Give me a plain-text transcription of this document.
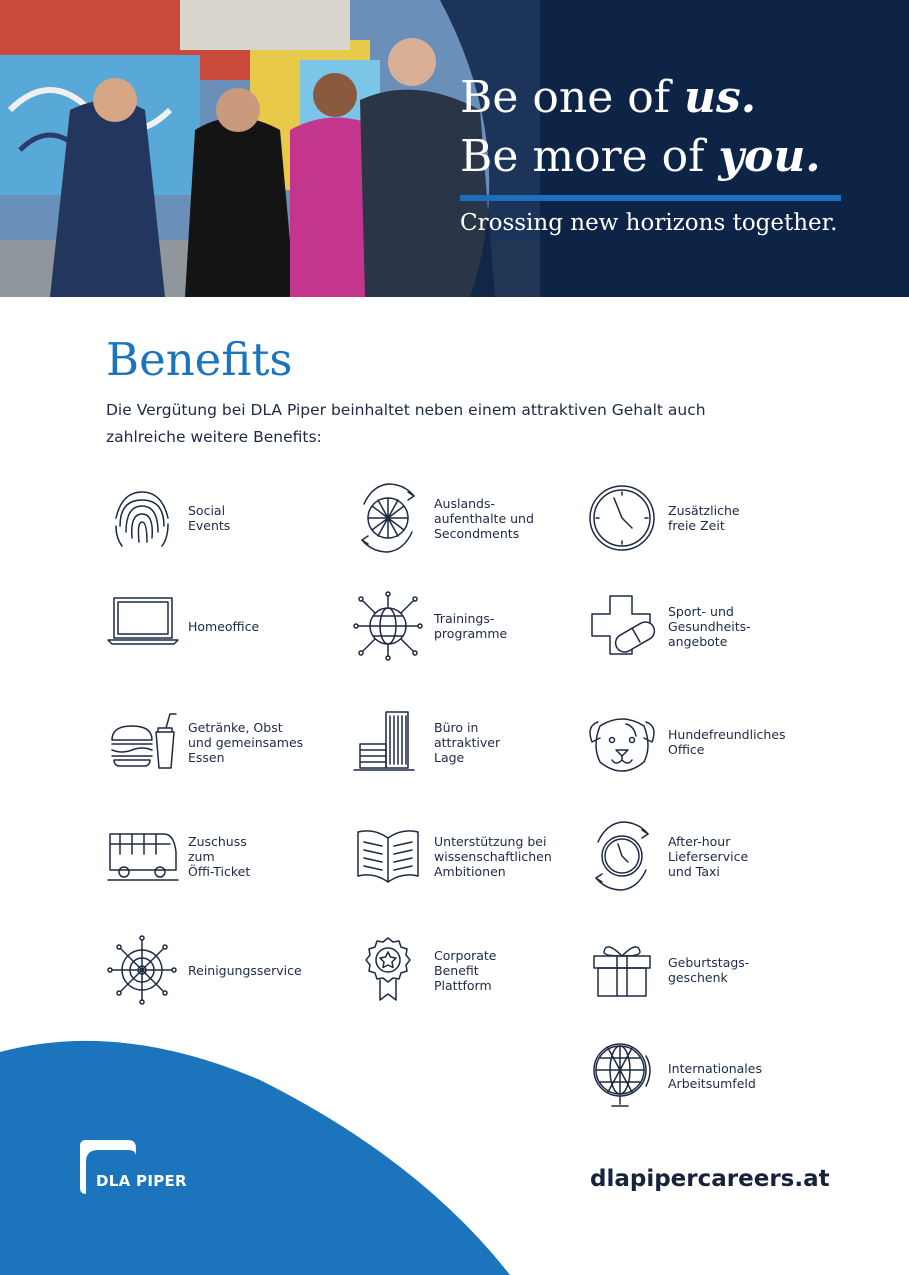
Be one of us.

Be more of you.

Crossing new horizons together.
Benefits

Die Vergütung bei DLA Piper beinhaltet neben einem attraktiven Gehalt auch zahlreiche weitere Benefits:

Social
Events
Auslands-
aufenthalte und
Secondments
Zusätzliche
freie Zeit
Homeoffice	Trainings-
programme
Sport- und
Gesundheits-
angebote
Getränke, Obst
und gemeinsames
Essen
Büro in
attraktiver
Lage
Hundefreundliches
Office
Zuschuss
zum
Öffi-Ticket
Unterstützung bei
wissenschaftlichen
Ambitionen
After-hour
Lieferservice
und Taxi
Reinigungsservice
Corporate
Benefit
Plattform
Geburtstags-
geschenk
Internationales
Arbeitsumfeld
DLA PIPER	dlapipercareers.at
